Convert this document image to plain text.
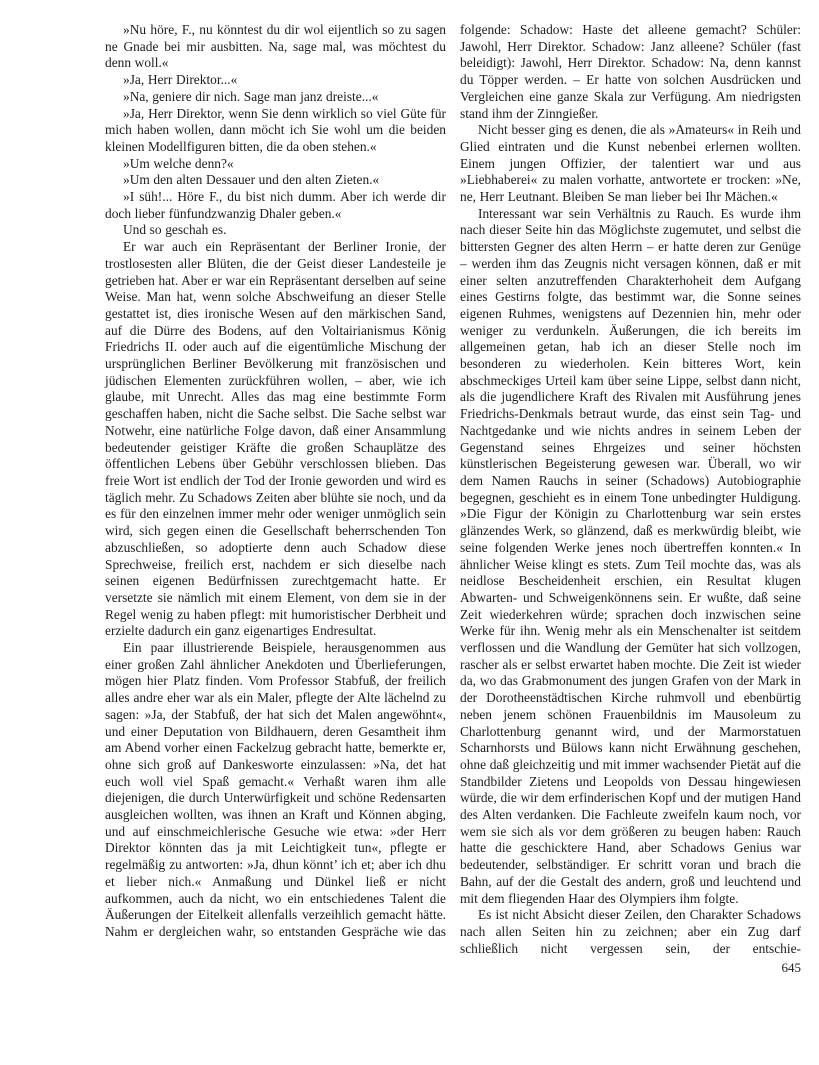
»Nu höre, F., nu könntest du dir wol eijentlich so zu sagen ne Gnade bei mir ausbitten. Na, sage mal, was möchtest du denn woll.«

»Ja, Herr Direktor...«

»Na, geniere dir nich. Sage man janz dreiste...«

»Ja, Herr Direktor, wenn Sie denn wirklich so viel Güte für mich haben wollen, dann möcht ich Sie wohl um die beiden kleinen Modellfiguren bitten, die da oben stehen.«

»Um welche denn?«

»Um den alten Dessauer und den alten Zieten.«

»I süh!... Höre F., du bist nich dumm. Aber ich werde dir doch lieber fünfundzwanzig Dhaler geben.«

Und so geschah es.

Er war auch ein Repräsentant der Berliner Ironie, der trostlosesten aller Blüten, die der Geist dieser Landesteile je getrieben hat. Aber er war ein Repräsentant derselben auf seine Weise. Man hat, wenn solche Abschweifung an dieser Stelle gestattet ist, dies ironische Wesen auf den märkischen Sand, auf die Dürre des Bodens, auf den Voltairianismus König Friedrichs II. oder auch auf die eigentümliche Mischung der ursprünglichen Berliner Bevölkerung mit französischen und jüdischen Elementen zurückführen wollen, – aber, wie ich glaube, mit Unrecht. Alles das mag eine bestimmte Form geschaffen haben, nicht die Sache selbst. Die Sache selbst war Notwehr, eine natürliche Folge davon, daß einer Ansammlung bedeutender geistiger Kräfte die großen Schauplätze des öffentlichen Lebens über Gebühr verschlossen blieben. Das freie Wort ist endlich der Tod der Ironie geworden und wird es täglich mehr. Zu Schadows Zeiten aber blühte sie noch, und da es für den einzelnen immer mehr oder weniger unmöglich sein wird, sich gegen einen die Gesellschaft beherrschenden Ton abzuschließen, so adoptierte denn auch Schadow diese Sprechweise, freilich erst, nachdem er sich dieselbe nach seinen eigenen Bedürfnissen zurechtgemacht hatte. Er versetzte sie nämlich mit einem Element, von dem sie in der Regel wenig zu haben pflegt: mit humoristischer Derbheit und erzielte dadurch ein ganz eigenartiges Endresultat.

Ein paar illustrierende Beispiele, herausgenommen aus einer großen Zahl ähnlicher Anekdoten und Überlieferungen, mögen hier Platz finden. Vom Professor Stabfuß, der freilich alles andre eher war als ein Maler, pflegte der Alte lächelnd zu sagen: »Ja, der Stabfuß, der hat sich det Malen angewöhnt«, und einer Deputation von Bildhauern, deren Gesamtheit ihm am Abend vorher einen Fackelzug gebracht hatte, bemerkte er, ohne sich groß auf Dankesworte einzulassen: »Na, det hat euch woll viel Spaß gemacht.« Verhaßt waren ihm alle diejenigen, die durch Unterwürfigkeit und schöne Redensarten ausgleichen wollten, was ihnen an Kraft und Können abging, und auf einschmeichlerische Gesuche wie etwa: »der Herr Direktor könnten das ja mit Leichtigkeit tun«, pflegte er regelmäßig zu antworten: »Ja, dhun könnt’ ich et; aber ich dhu et lieber nich.« Anmaßung und Dünkel ließ er nicht aufkommen, auch da nicht, wo ein entschiedenes Talent die Äußerungen der Eitelkeit allenfalls verzeihlich gemacht hätte. Nahm er dergleichen wahr, so entstanden Gespräche wie das

folgende: Schadow: Haste det alleene gemacht? Schüler: Jawohl, Herr Direktor. Schadow: Janz alleene? Schüler (fast beleidigt): Jawohl, Herr Direktor. Schadow: Na, denn kannst du Töpper werden. – Er hatte von solchen Ausdrücken und Vergleichen eine ganze Skala zur Verfügung. Am niedrigsten stand ihm der Zinngießer.

Nicht besser ging es denen, die als »Amateurs« in Reih und Glied eintraten und die Kunst nebenbei erlernen wollten. Einem jungen Offizier, der talentiert war und aus »Liebhaberei« zu malen vorhatte, antwortete er trocken: »Ne, ne, Herr Leutnant. Bleiben Se man lieber bei Ihr Mächen.«

Interessant war sein Verhältnis zu Rauch. Es wurde ihm nach dieser Seite hin das Möglichste zugemutet, und selbst die bittersten Gegner des alten Herrn – er hatte deren zur Genüge – werden ihm das Zeugnis nicht versagen können, daß er mit einer selten anzutreffenden Charakterhoheit dem Aufgang eines Gestirns folgte, das bestimmt war, die Sonne seines eigenen Ruhmes, wenigstens auf Dezennien hin, mehr oder weniger zu verdunkeln. Äußerungen, die ich bereits im allgemeinen getan, hab ich an dieser Stelle noch im besonderen zu wiederholen. Kein bitteres Wort, kein abschmeckiges Urteil kam über seine Lippe, selbst dann nicht, als die jugendlichere Kraft des Rivalen mit Ausführung jenes Friedrichs-Denkmals betraut wurde, das einst sein Tag- und Nachtgedanke und wie nichts andres in seinem Leben der Gegenstand seines Ehrgeizes und seiner höchsten künstlerischen Begeisterung gewesen war. Überall, wo wir dem Namen Rauchs in seiner (Schadows) Autobiographie begegnen, geschieht es in einem Tone unbedingter Huldigung. »Die Figur der Königin zu Charlottenburg war sein erstes glänzendes Werk, so glänzend, daß es merkwürdig bleibt, wie seine folgenden Werke jenes noch übertreffen konnten.« In ähnlicher Weise klingt es stets. Zum Teil mochte das, was als neidlose Bescheidenheit erschien, ein Resultat klugen Abwarten- und Schweigenkönnens sein. Er wußte, daß seine Zeit wiederkehren würde; sprachen doch inzwischen seine Werke für ihn. Wenig mehr als ein Menschenalter ist seitdem verflossen und die Wandlung der Gemüter hat sich vollzogen, rascher als er selbst erwartet haben mochte. Die Zeit ist wieder da, wo das Grabmonument des jungen Grafen von der Mark in der Dorotheenstädtischen Kirche ruhmvoll und ebenbürtig neben jenem schönen Frauenbildnis im Mausoleum zu Charlottenburg genannt wird, und der Marmorstatuen Scharnhorsts und Bülows kann nicht Erwähnung geschehen, ohne daß gleichzeitig und mit immer wachsender Pietät auf die Standbilder Zietens und Leopolds von Dessau hingewiesen würde, die wir dem erfinderischen Kopf und der mutigen Hand des Alten verdanken. Die Fachleute zweifeln kaum noch, vor wem sie sich als vor dem größeren zu beugen haben: Rauch hatte die geschicktere Hand, aber Schadows Genius war bedeutender, selbständiger. Er schritt voran und brach die Bahn, auf der die Gestalt des andern, groß und leuchtend und mit dem fliegenden Haar des Olympiers ihm folgte.

Es ist nicht Absicht dieser Zeilen, den Charakter Schadows nach allen Seiten hin zu zeichnen; aber ein Zug darf schließlich nicht vergessen sein, der entschie-

645
